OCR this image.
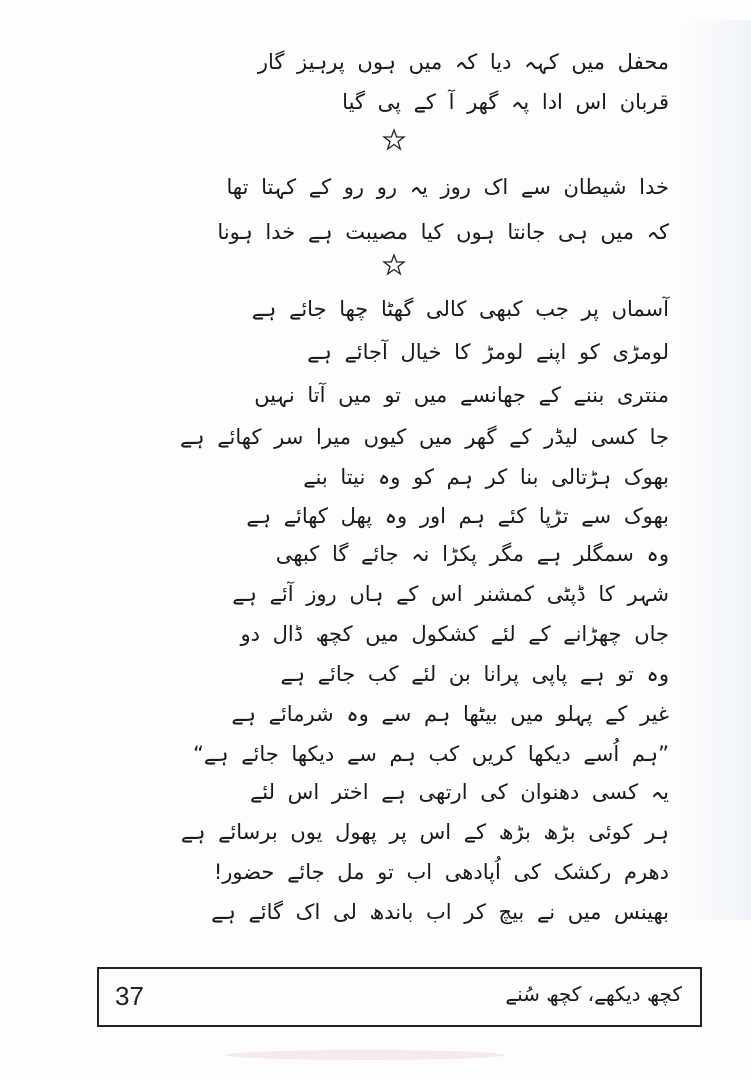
محفل میں کہہ دیا کہ میں ہوں پرہیز گار
قربان اس ادا پہ گھر آ کے پی گیا
خدا شیطان سے اک روز یہ رو رو کے کہتا تھا
کہ میں ہی جانتا ہوں کیا مصیبت ہے خدا ہونا
آسماں پر جب کبھی کالی گھٹا چھا جائے ہے
لومڑی کو اپنے لومڑ کا خیال آجائے ہے
منتری بننے کے جھانسے میں تو میں آتا نہیں
جا کسی لیڈر کے گھر میں کیوں میرا سر کھائے ہے
بھوک ہڑتالی بنا کر ہم کو وہ نیتا بنے
بھوک سے تڑپا کئے ہم اور وہ پھل کھائے ہے
وہ سمگلر ہے مگر پکڑا نہ جائے گا کبھی
شہر کا ڈپٹی کمشنر اس کے ہاں روز آئے ہے
جاں چھڑانے کے لئے کشکول میں کچھ ڈال دو
وہ تو ہے پاپی پرانا بن لئے کب جائے ہے
غیر کے پہلو میں بیٹھا ہم سے وہ شرمائے ہے
”ہم اُسے دیکھا کریں کب ہم سے دیکھا جائے ہے“
یہ کسی دھنوان کی ارتھی ہے اختر اس لئے
ہر کوئی بڑھ بڑھ کے اس پر پھول یوں برسائے ہے
دھرم رکشک کی اُپادھی اب تو مل جائے حضور!
بھینس میں نے بیچ کر اب باندھ لی اک گائے ہے
37	کچھ دیکھے، کچھ سُنے
